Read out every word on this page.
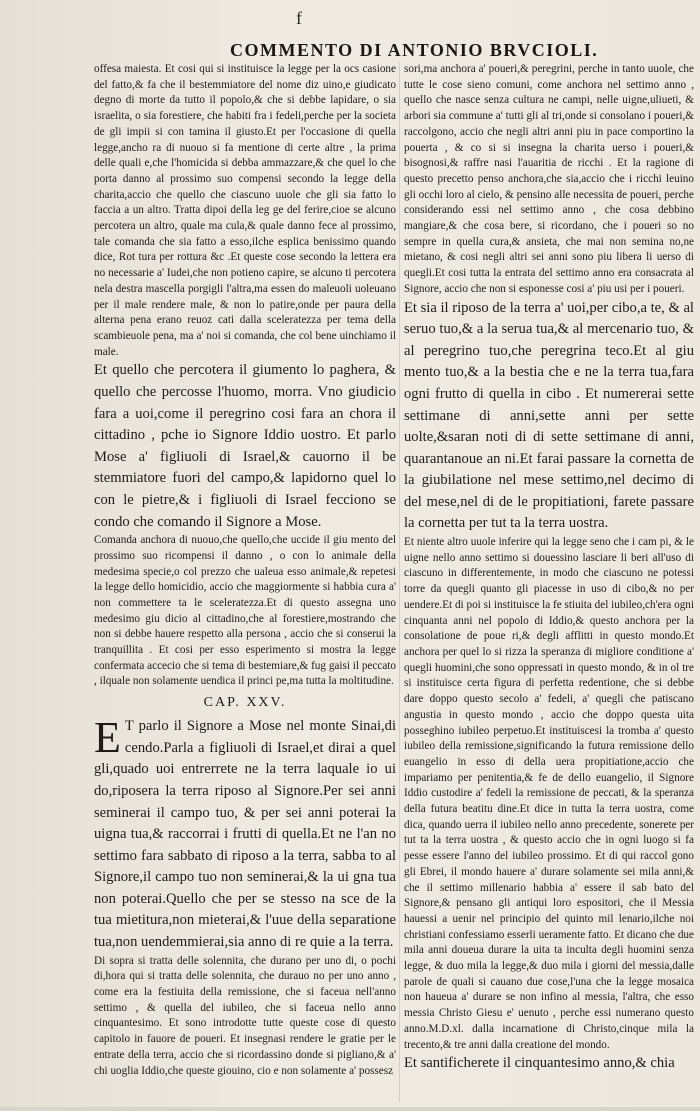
f
COMMENTO DI ANTONIO BRVCIOLI.

offesa maiesta. Et cosi qui si instituisce la legge per la ocs casione del fatto,& fa che il bestemmiatore del nome diz uino,e giudicato degno di morte da tutto il popolo,& che si debbe lapidare, o sia israelita, o sia forestiere, che habiti fra i fedeli,perche per la societa de gli impii si con tamina il giusto.Et per l'occasione di quella legge,ancho ra di nuouo si fa mentione di certe altre , la prima delle quali e,che l'homicida si debba ammazzare,& che quel lo che porta danno al prossimo suo compensi secondo la legge della charita,accio che quello che ciascuno uuole che gli sia fatto lo faccia a un altro. Tratta dipoi della leg ge del ferire,cioe se alcuno percotera un altro, quale ma cula,& quale danno fece al prossimo, tale comanda che sia fatto a esso,ilche esplica benissimo quando dice, Rot tura per rottura &c .Et queste cose secondo la lettera era no necessarie a' Iudei,che non potieno capire, se alcuno ti percotera nela destra mascella porgigli l'altra,ma essen do maleuoli uoleuano per il male rendere male, & non lo patire,onde per paura della alterna pena erano reuoz cati dalla sceleratezza per tema della scambieuole pena, ma a' noi si comanda, che col bene uinchiamo il male.

Et quello che percotera il giumento lo paghera, & quello che percosse l'huomo, morra. Vno giudicio fara a uoi,come il peregrino cosi fara an chora il cittadino , pche io Signore Iddio uostro. Et parlo Mose a' figliuoli di Israel,& cauorno il be stemmiatore fuori del campo,& lapidorno quel lo con le pietre,& i figliuoli di Israel fecciono se condo che comando il Signore a Mose.

Comanda anchora di nuouo,che quello,che uccide il giu mento del prossimo suo ricompensi il danno , o con lo animale della medesima specie,o col prezzo che ualeua esso animale,& repetesi la legge dello homicidio, accio che maggiormente si habbia cura a' non commettere ta le sceleratezza.Et di questo assegna uno medesimo giu dicio al cittadino,che al forestiere,mostrando che non si debbe hauere respetto alla persona , accio che si conserui la tranquillita . Et cosi per esso esperimento si mostra la legge confermata accecio che si tema di bestemiare,& fug gaisi il peccato , ilquale non solamente uendica il princi pe,ma tutta la moltitudine.

CAP. XXV.

E T parlo il Signore a Mose nel monte Sinai,di cendo.Parla a figliuoli di Israel,et dirai a quel gli,quado uoi entrerrete ne la terra laquale io ui do,riposera la terra riposo al Signore.Per sei anni seminerai il campo tuo, & per sei anni poterai la uigna tua,& raccorrai i frutti di quella.Et ne l'an no settimo fara sabbato di riposo a la terra, sabba to al Signore,il campo tuo non seminerai,& la ui gna tua non poterai.Quello che per se stesso na sce de la tua mietitura,non mieterai,& l'uue della separatione tua,non uendemmierai,sia anno di re quie a la terra.

Di sopra si tratta delle solennita, che durano per uno di, o pochi di,hora qui si tratta delle solennita, che durauo no per uno anno , come era la festiuita della remissione, che si faceua nell'anno settimo , & quella del iubileo, che si faceua nello anno cinquantesimo. Et sono introdotte tutte queste cose di questo capitolo in fauore de poueri. Et insegnasi rendere le gratie per le entrate della terra, accio che si ricordassino donde si pigliano,& a' chi uoglia Iddio,che queste giouino, cio e non solamente a' possesz

sori,ma anchora a' poueri,& peregrini, perche in tanto uuole, che tutte le cose sieno comuni, come anchora nel settimo anno , quello che nasce senza cultura ne campi, nelle uigne,uliueti, & arbori sia commune a' tutti gli al tri,onde si consolano i poueri,& raccolgono, accio che negli altri anni piu in pace comportino la pouerta , & co si si insegna la charita uerso i poueri,& bisognosi,& raffre nasi l'auaritia de ricchi . Et la ragione di questo precetto penso anchora,che sia,accio che i ricchi leuino gli occhi loro al cielo, & pensino alle necessita de poueri, perche considerando essi nel settimo anno , che cosa debbino mangiare,& che cosa bere, si ricordano, che i poueri so no sempre in quella cura,& ansieta, che mai non semina no,ne mietano, & cosi negli altri sei anni sono piu libera li uerso di quegli.Et cosi tutta la entrata del settimo anno era consacrata al Signore, accio che non si esponesse cosi a' piu usi per i poueri.

Et sia il riposo de la terra a' uoi,per cibo,a te, & al seruo tuo,& a la serua tua,& al mercenario tuo, & al peregrino tuo,che peregrina teco.Et al giu mento tuo,& a la bestia che e ne la terra tua,fara ogni frutto di quella in cibo . Et numererai sette settimane di anni,sette anni per sette uolte,&saran noti di di sette settimane di anni, quarantanoue an ni.Et farai passare la cornetta de la giubilatione nel mese settimo,nel decimo di del mese,nel di de le propitiationi, farete passare la cornetta per tut ta la terra uostra.

Et niente altro uuole inferire qui la legge seno che i cam pi, & le uigne nello anno settimo si douessino lasciare li beri all'uso di ciascuno in differentemente, in modo che ciascuno ne potessi torre da quegli quanto gli piacesse in uso di cibo,& no per uendere.Et di poi si instituisce la fe stiuita del iubileo,ch'era ogni cinquanta anni nel popolo di Iddio,& questo anchora per la consolatione de poue ri,& degli afflitti in questo mondo.Et anchora per quel lo si rizza la speranza di migliore conditione a' quegli huomini,che sono oppressati in questo mondo, & in ol tre si instituisce certa figura di perfetta redentione, che si debbe dare doppo questo secolo a' fedeli, a' quegli che patiscano angustia in questo mondo , accio che doppo questa uita posseghino iubileo perpetuo.Et instituiscesi la tromba a' questo iubileo della remissione,significando la futura remissione dello euangelio in esso di della uera propitiatione,accio che impariamo per penitentia,& fe de dello euangelio, il Signore Iddio custodire a' fedeli la remissione de peccati, & la speranza della futura beatitu dine.Et dice in tutta la terra uostra, come dica, quando uerra il iubileo nello anno precedente, sonerete per tut ta la terra uostra , & questo accio che in ogni luogo si fa pesse essere l'anno del iubileo prossimo. Et di qui raccol gono gli Ebrei, il mondo hauere a' durare solamente sei mila anni,& che il settimo millenario habbia a' essere il sab bato del Signore,& pensano gli antiqui loro espositori, che il Messia hauessi a uenir nel principio del quinto mil lenario,ilche noi christiani confessiamo esserli ueramente fatto. Et dicano che due mila anni doueua durare la uita ta inculta degli huomini senza legge, & duo mila la legge,& duo mila i giorni del messia,dalle parole de quali si cauano due cose,l'una che la legge mosaica non haueua a' durare se non infino al messia, l'altra, che esso messia Christo Giesu e' uenuto , perche essi numerano questo anno.M.D.xl. dalla incarnatione di Christo,cinque mila la trecento,& tre anni dalla creatione del mondo.

Et santificherete il cinquantesimo anno,& chia
